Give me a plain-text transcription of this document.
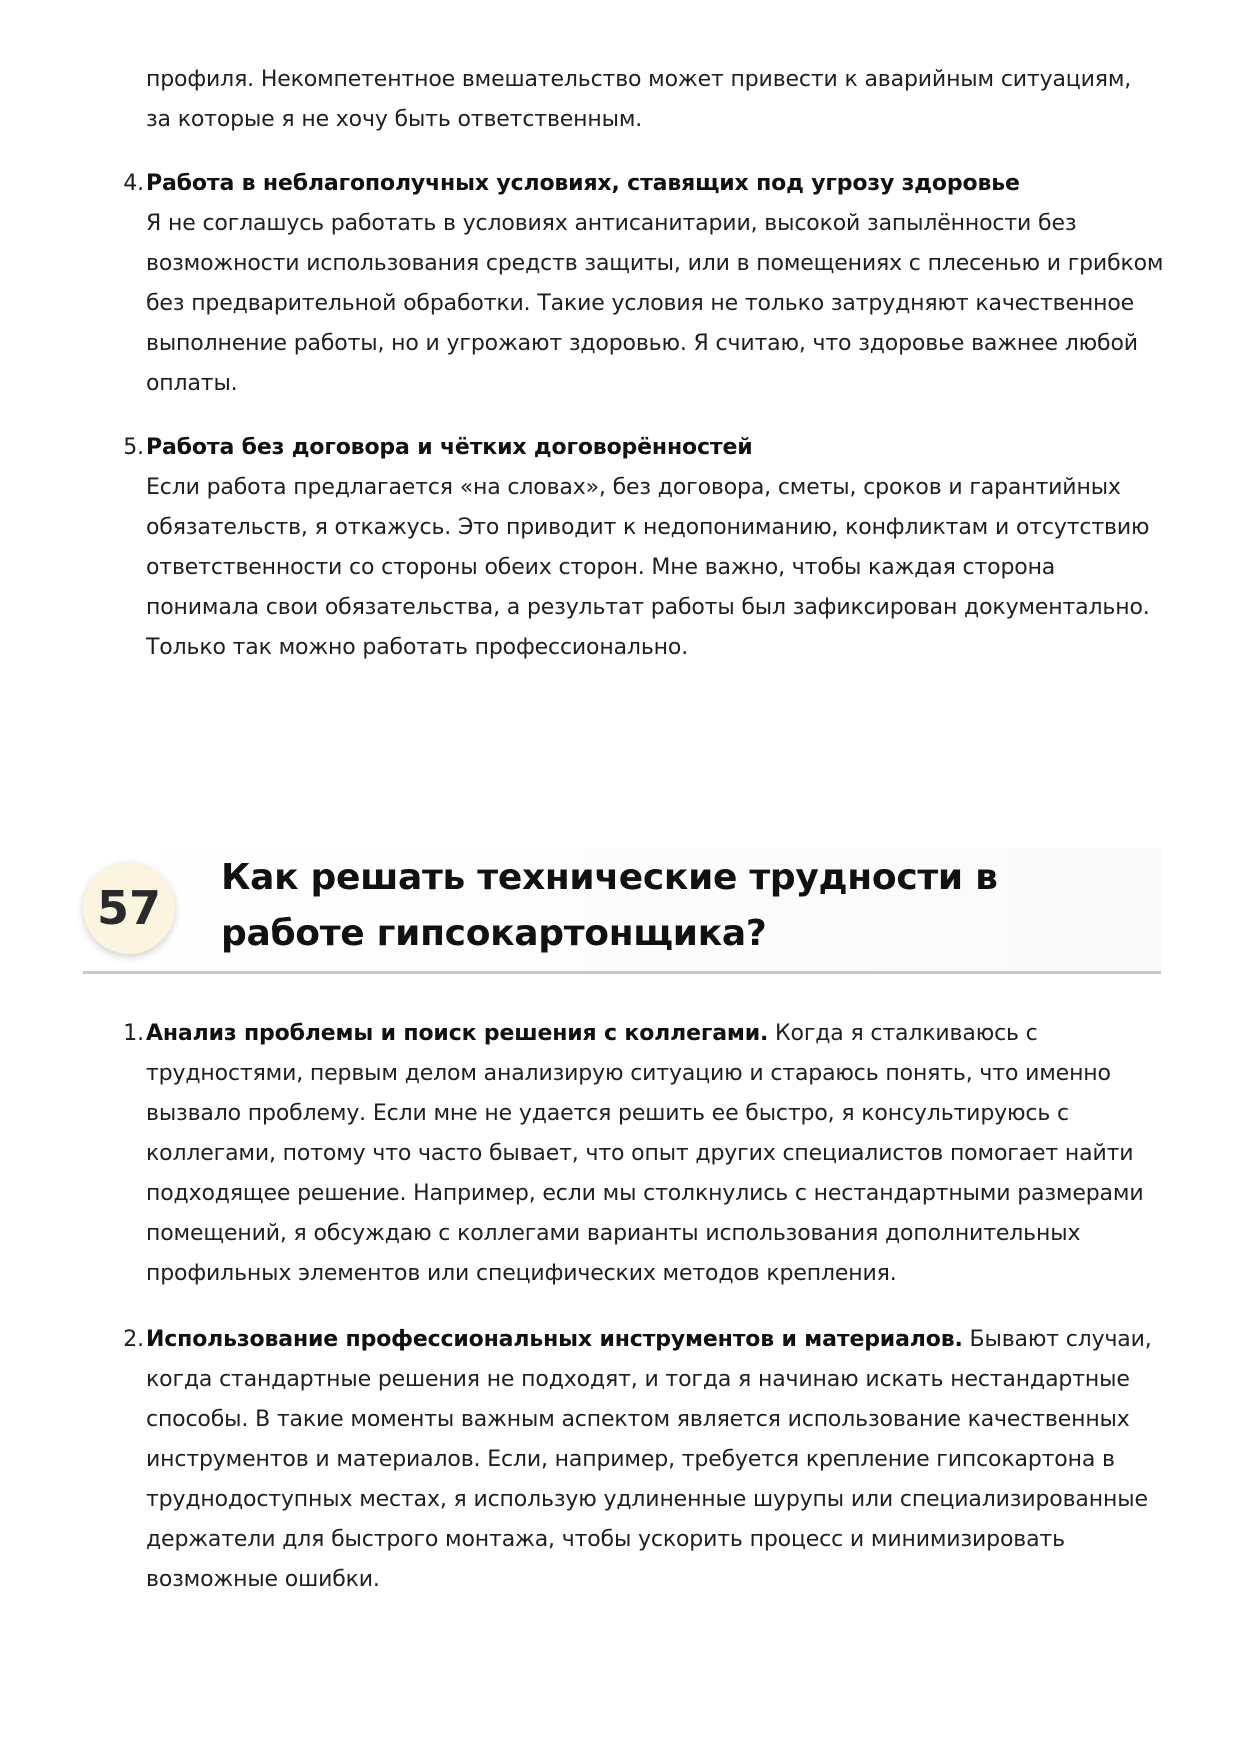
профиля. Некомпетентное вмешательство может привести к аварийным ситуациям, за которые я не хочу быть ответственным.

4. Работа в неблагополучных условиях, ставящих под угрозу здоровье
Я не соглашусь работать в условиях антисанитарии, высокой запылённости без возможности использования средств защиты, или в помещениях с плесенью и грибком без предварительной обработки. Такие условия не только затрудняют качественное выполнение работы, но и угрожают здоровью. Я считаю, что здоровье важнее любой оплаты.
5. Работа без договора и чётких договорённостей
Если работа предлагается «на словах», без договора, сметы, сроков и гарантийных обязательств, я откажусь. Это приводит к недопониманию, конфликтам и отсутствию ответственности со стороны обеих сторон. Мне важно, чтобы каждая сторона понимала свои обязательства, а результат работы был зафиксирован документально. Только так можно работать профессионально.
57
Как решать технические трудности в работе гипсокартонщика?
1. Анализ проблемы и поиск решения с коллегами. Когда я сталкиваюсь с трудностями, первым делом анализирую ситуацию и стараюсь понять, что именно вызвало проблему. Если мне не удается решить ее быстро, я консультируюсь с коллегами, потому что часто бывает, что опыт других специалистов помогает найти подходящее решение. Например, если мы столкнулись с нестандартными размерами помещений, я обсуждаю с коллегами варианты использования дополнительных профильных элементов или специфических методов крепления.
2. Использование профессиональных инструментов и материалов. Бывают случаи, когда стандартные решения не подходят, и тогда я начинаю искать нестандартные способы. В такие моменты важным аспектом является использование качественных инструментов и материалов. Если, например, требуется крепление гипсокартона в труднодоступных местах, я использую удлиненные шурупы или специализированные держатели для быстрого монтажа, чтобы ускорить процесс и минимизировать возможные ошибки.
